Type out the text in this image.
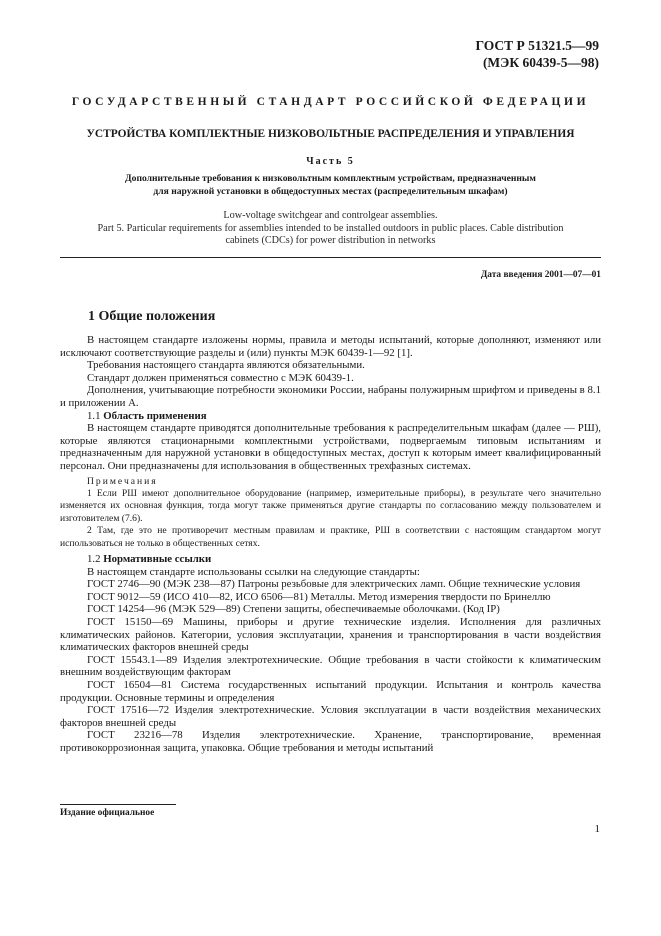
ГОСТ Р 51321.5—99
(МЭК 60439-5—98)
ГОСУДАРСТВЕННЫЙ СТАНДАРТ РОССИЙСКОЙ ФЕДЕРАЦИИ
УСТРОЙСТВА КОМПЛЕКТНЫЕ НИЗКОВОЛЬТНЫЕ РАСПРЕДЕЛЕНИЯ И УПРАВЛЕНИЯ
Часть 5
Дополнительные требования к низковольтным комплектным устройствам, предназначенным
для наружной установки в общедоступных местах (распределительным шкафам)
Low-voltage switchgear and controlgear assemblies.
Part 5. Particular requirements for assemblies intended to be installed outdoors in public places. Cable distribution
cabinets (CDCs) for power distribution in networks
Дата введения 2001—07—01
1 Общие положения

В настоящем стандарте изложены нормы, правила и методы испытаний, которые дополняют, изменяют или исключают соответствующие разделы и (или) пункты МЭК 60439-1—92 [1].

Требования настоящего стандарта являются обязательными.

Стандарт должен применяться совместно с МЭК 60439-1.

Дополнения, учитывающие потребности экономики России, набраны полужирным шрифтом и приведены в 8.1 и приложении А.

1.1 Область применения

В настоящем стандарте приводятся дополнительные требования к распределительным шкафам (далее — РШ), которые являются стационарными комплектными устройствами, подвергаемым типовым испытаниям и предназначенным для наружной установки в общедоступных местах, доступ к которым имеет квалифицированный персонал. Они предназначены для использования в общественных трехфазных системах.

Примечания

1 Если РШ имеют дополнительное оборудование (например, измерительные приборы), в результате чего значительно изменяется их основная функция, тогда могут также применяться другие стандарты по согласованию между пользователем и изготовителем (7.6).

2 Там, где это не противоречит местным правилам и практике, РШ в соответствии с настоящим стандартом могут использоваться не только в общественных сетях.

1.2 Нормативные ссылки

В настоящем стандарте использованы ссылки на следующие стандарты:

ГОСТ 2746—90 (МЭК 238—87) Патроны резьбовые для электрических ламп. Общие технические условия

ГОСТ 9012—59 (ИСО 410—82, ИСО 6506—81) Металлы. Метод измерения твердости по Бринеллю

ГОСТ 14254—96 (МЭК 529—89) Степени защиты, обеспечиваемые оболочками. (Код IP)

ГОСТ 15150—69 Машины, приборы и другие технические изделия. Исполнения для различных климатических районов. Категории, условия эксплуатации, хранения и транспортирования в части воздействия климатических факторов внешней среды

ГОСТ 15543.1—89 Изделия электротехнические. Общие требования в части стойкости к климатическим внешним воздействующим факторам

ГОСТ 16504—81 Система государственных испытаний продукции. Испытания и контроль качества продукции. Основные термины и определения

ГОСТ 17516—72 Изделия электротехнические. Условия эксплуатации в части воздействия механических факторов внешней среды

ГОСТ 23216—78 Изделия электротехнические. Хранение, транспортирование, временная противокоррозионная защита, упаковка. Общие требования и методы испытаний

Издание официальное
1
